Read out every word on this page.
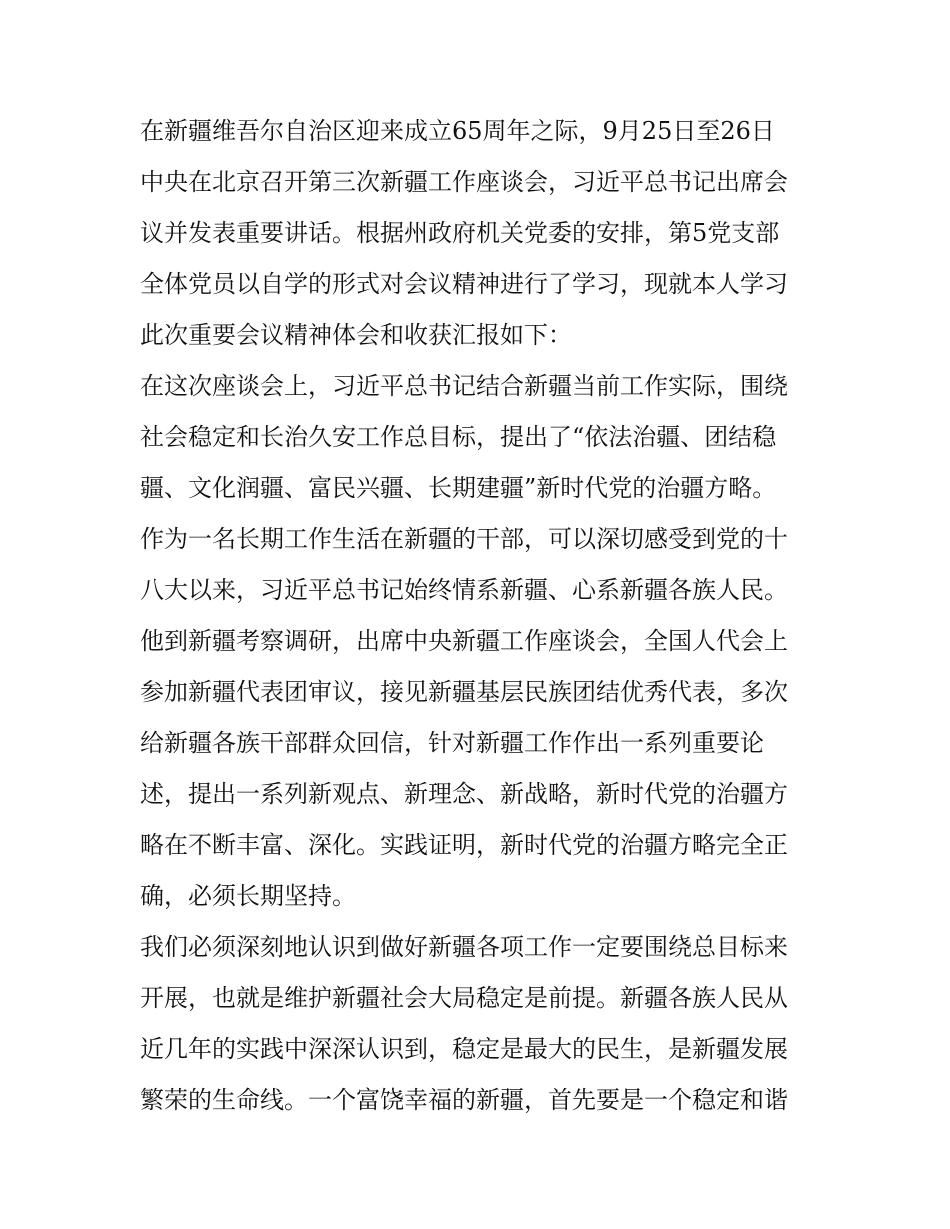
在新疆维吾尔自治区迎来成立65周年之际，9月25日至26日
中央在北京召开第三次新疆工作座谈会，习近平总书记出席会
议并发表重要讲话。根据州政府机关党委的安排，第5党支部
全体党员以自学的形式对会议精神进行了学习，现就本人学习
此次重要会议精神体会和收获汇报如下：
在这次座谈会上，习近平总书记结合新疆当前工作实际，围绕
社会稳定和长治久安工作总目标，提出了“依法治疆、团结稳
疆、文化润疆、富民兴疆、长期建疆”新时代党的治疆方略。
作为一名长期工作生活在新疆的干部，可以深切感受到党的十
八大以来，习近平总书记始终情系新疆、心系新疆各族人民。
他到新疆考察调研，出席中央新疆工作座谈会，全国人代会上
参加新疆代表团审议，接见新疆基层民族团结优秀代表，多次
给新疆各族干部群众回信，针对新疆工作作出一系列重要论
述，提出一系列新观点、新理念、新战略，新时代党的治疆方
略在不断丰富、深化。实践证明，新时代党的治疆方略完全正
确，必须长期坚持。
我们必须深刻地认识到做好新疆各项工作一定要围绕总目标来
开展，也就是维护新疆社会大局稳定是前提。新疆各族人民从
近几年的实践中深深认识到，稳定是最大的民生，是新疆发展
繁荣的生命线。一个富饶幸福的新疆，首先要是一个稳定和谐
